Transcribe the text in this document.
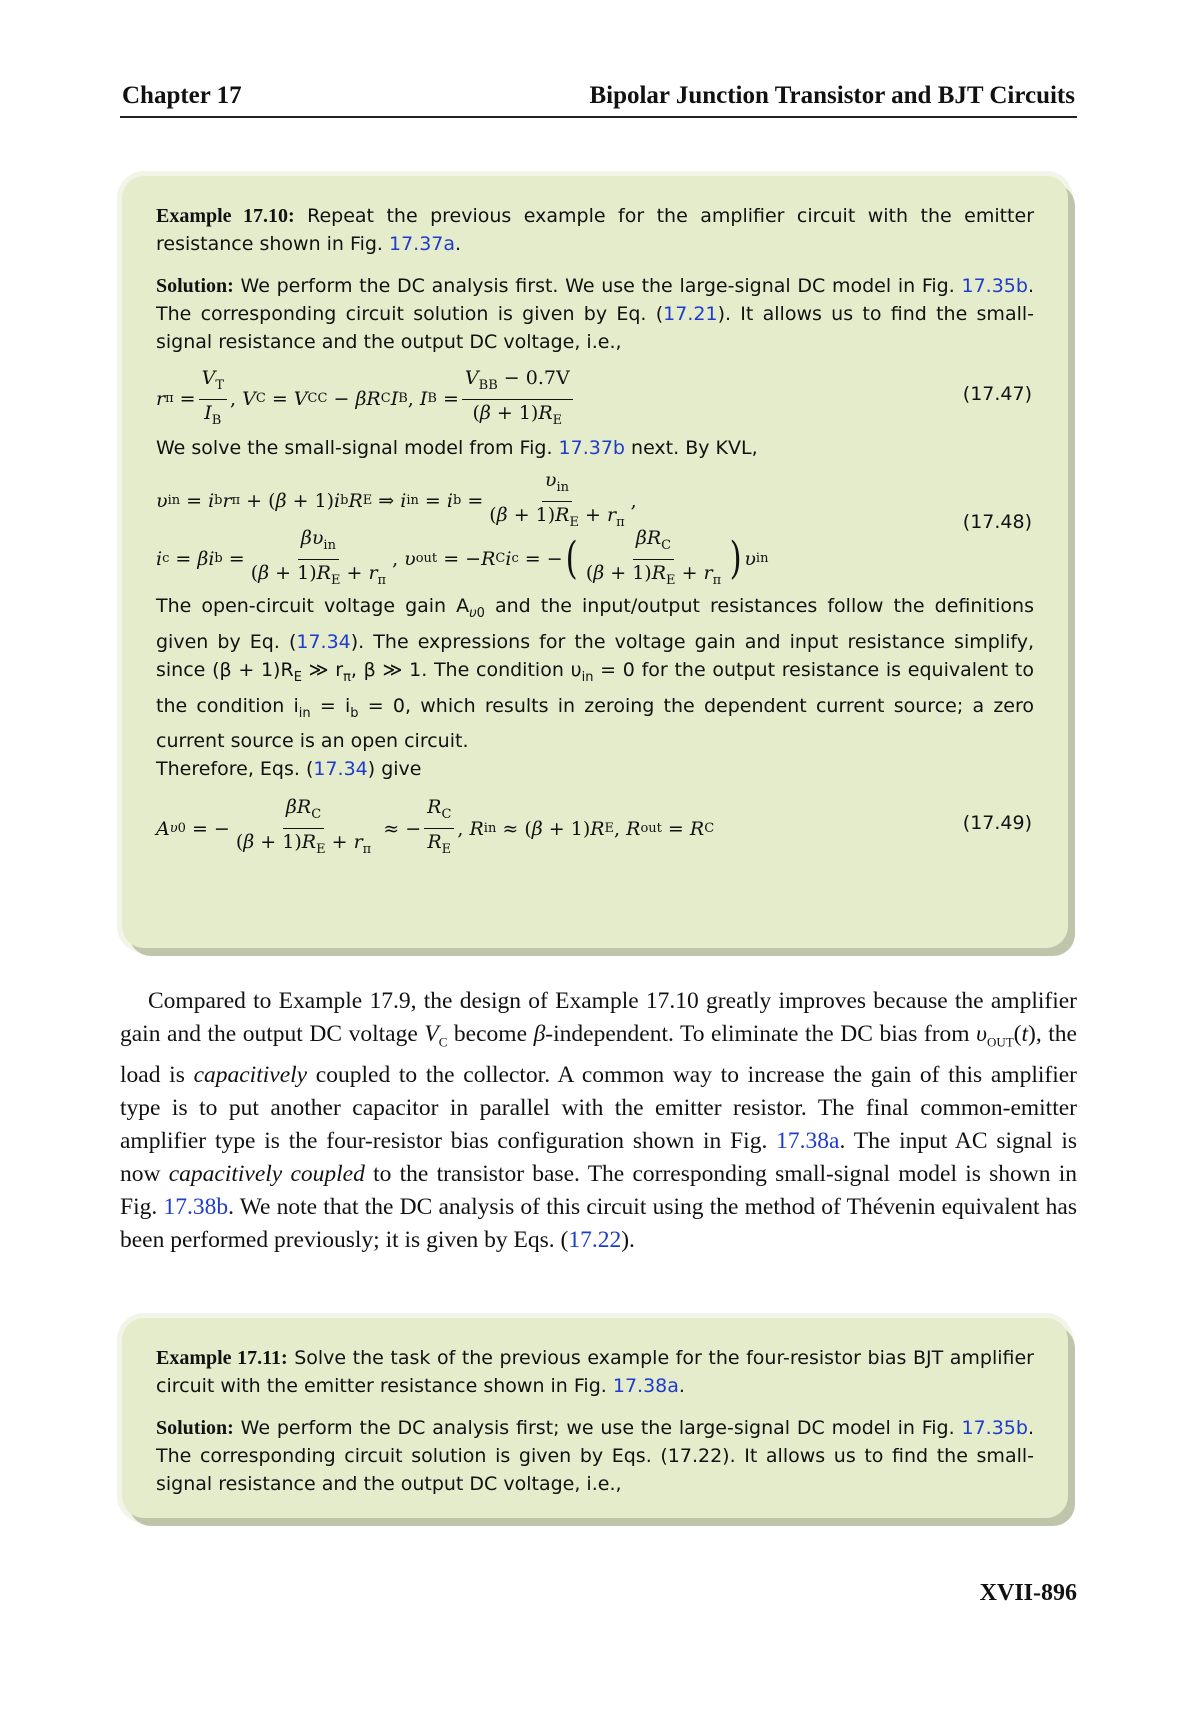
Chapter 17	Bipolar Junction Transistor and BJT Circuits

Example 17.10: Repeat the previous example for the amplifier circuit with the emitter resistance shown in Fig. 17.37a.

Solution: We perform the DC analysis first. We use the large-signal DC model in Fig. 17.35b. The corresponding circuit solution is given by Eq. (17.21). It allows us to find the small-signal resistance and the output DC voltage, i.e.,

r $\pi = \frac{V_T}{I_B}$ , V C = V CC − βR C I B , I $B = \frac{V_{BB} - 0.7V}{(\beta + 1)R_E}$	(17.47)

We solve the small-signal model from Fig. 17.37b next. By KVL,

υ in = i b r π + ( β + 1) i b R E ⇒ i in = i $b = \frac{\upsilon_{in}}{(\beta + 1)R_E + r_\pi}$ ,
i c = βi $b = \frac{\beta\upsilon_{in}}{(\beta + 1)R_E + r_\pi}$ , υ out = − R C i c = − ( $\frac{\beta R_C}{(\beta + 1)R_E + r_\pi}$ ) υ in
(17.48)

The open-circuit voltage gain $A_{\upsilon 0}$ and the input/output resistances follow the definitions given by Eq. (17.34). The expressions for the voltage gain and input resistance simplify, since $(\beta + 1)R_E$ ≫ $r_\pi$, β ≫ 1. The condition $\upsilon_{in} = 0$ for the output resistance is equivalent to the condition $i_{in} = i_b = 0$, which results in zeroing the dependent current source; a zero current source is an open circuit.

Therefore, Eqs. (17.34) give

A υ0 = − $\frac{\beta R_C}{(\beta + 1)R_E + r_\pi}$ ≈ − $\frac{R_C}{R_E}$ , R in ≈ ( β + 1) R E , R out = R C	(17.49)

Compared to Example 17.9, the design of Example 17.10 greatly improves because the amplifier gain and the output DC voltage $V_C$ become β-independent. To eliminate the DC bias from $\upsilon_{OUT}(t)$, the load is capacitively coupled to the collector. A common way to increase the gain of this amplifier type is to put another capacitor in parallel with the emitter resistor. The final common-emitter amplifier type is the four-resistor bias configuration shown in Fig. 17.38a. The input AC signal is now capacitively coupled to the transistor base. The corresponding small-signal model is shown in Fig. 17.38b. We note that the DC analysis of this circuit using the method of Thévenin equivalent has been performed previously; it is given by Eqs. (17.22).

Example 17.11: Solve the task of the previous example for the four-resistor bias BJT amplifier circuit with the emitter resistance shown in Fig. 17.38a.

Solution: We perform the DC analysis first; we use the large-signal DC model in Fig. 17.35b. The corresponding circuit solution is given by Eqs. (17.22). It allows us to find the small-signal resistance and the output DC voltage, i.e.,

XVII-896
